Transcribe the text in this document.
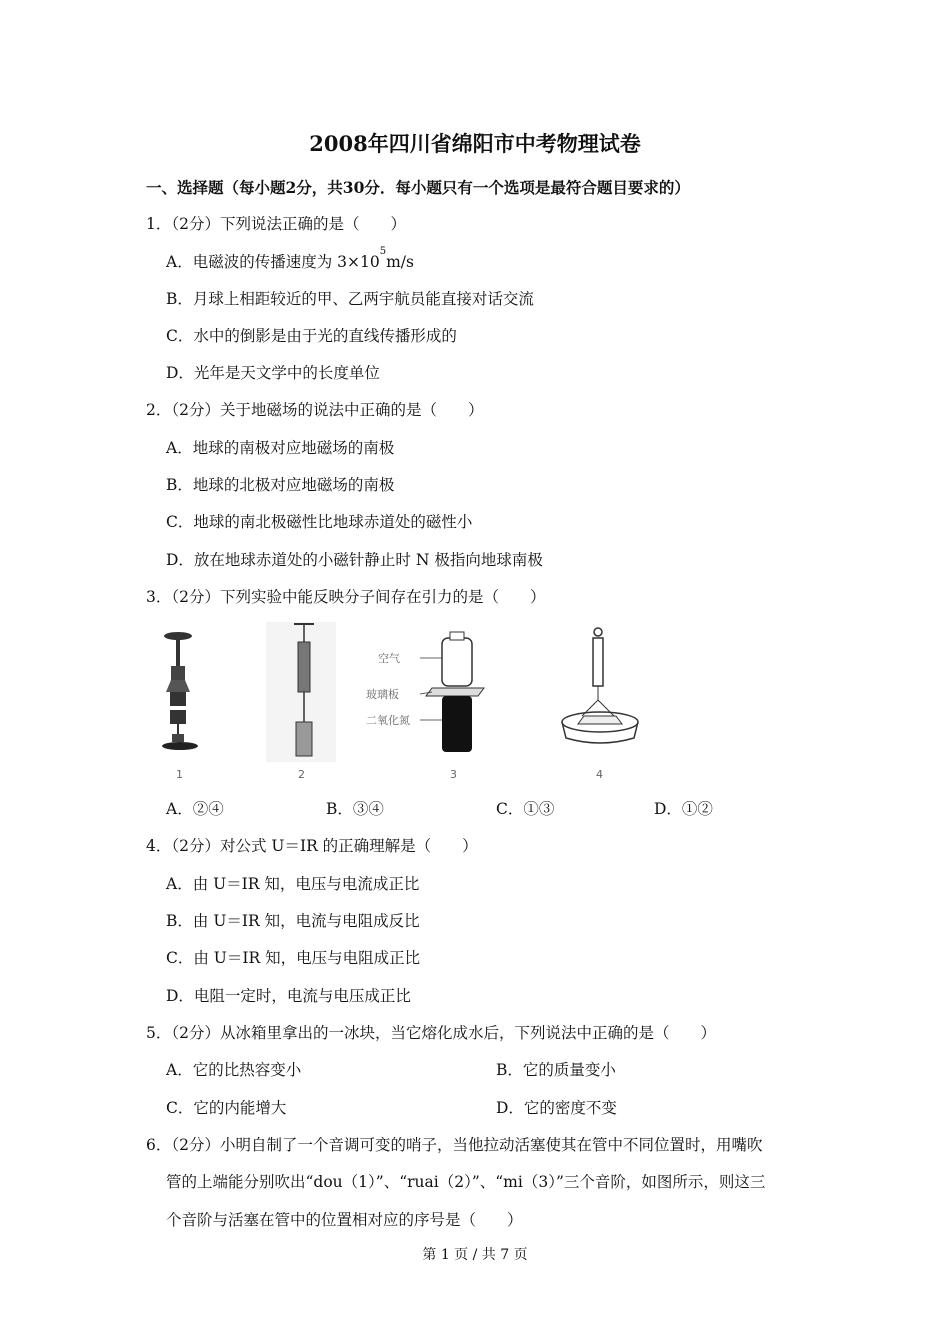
2008年四川省绵阳市中考物理试卷
一、选择题（每小题2分，共30分．每小题只有一个选项是最符合题目要求的）
1．（2分）下列说法正确的是（　　）
A．电磁波的传播速度为 $3\times 10^5m/s$
B．月球上相距较近的甲、乙两宇航员能直接对话交流
C．水中的倒影是由于光的直线传播形成的
D．光年是天文学中的长度单位
2．（2分）关于地磁场的说法中正确的是（　　）
A．地球的南极对应地磁场的南极
B．地球的北极对应地磁场的南极
C．地球的南北极磁性比地球赤道处的磁性小
D．放在地球赤道处的小磁针静止时 N 极指向地球南极
3．（2分）下列实验中能反映分子间存在引力的是（　　）
1	2
空气
玻璃板
二氧化氮
3	4
A．②④	B．③④	C．①③	D．①②
4．（2分）对公式 U＝IR 的正确理解是（　　）
A．由 U＝IR 知，电压与电流成正比
B．由 U＝IR 知，电流与电阻成反比
C．由 U＝IR 知，电压与电阻成正比
D．电阻一定时，电流与电压成正比
5．（2分）从冰箱里拿出的一冰块，当它熔化成水后，下列说法中正确的是（　　）
A．它的比热容变小	B．它的质量变小
C．它的内能增大	D．它的密度不变
6．（2分）小明自制了一个音调可变的哨子，当他拉动活塞使其在管中不同位置时，用嘴吹
管的上端能分别吹出“dou（1）”、“ruai（2）”、“mi（3）”三个音阶，如图所示，则这三
个音阶与活塞在管中的位置相对应的序号是（　　）
第 1 页 / 共 7 页
